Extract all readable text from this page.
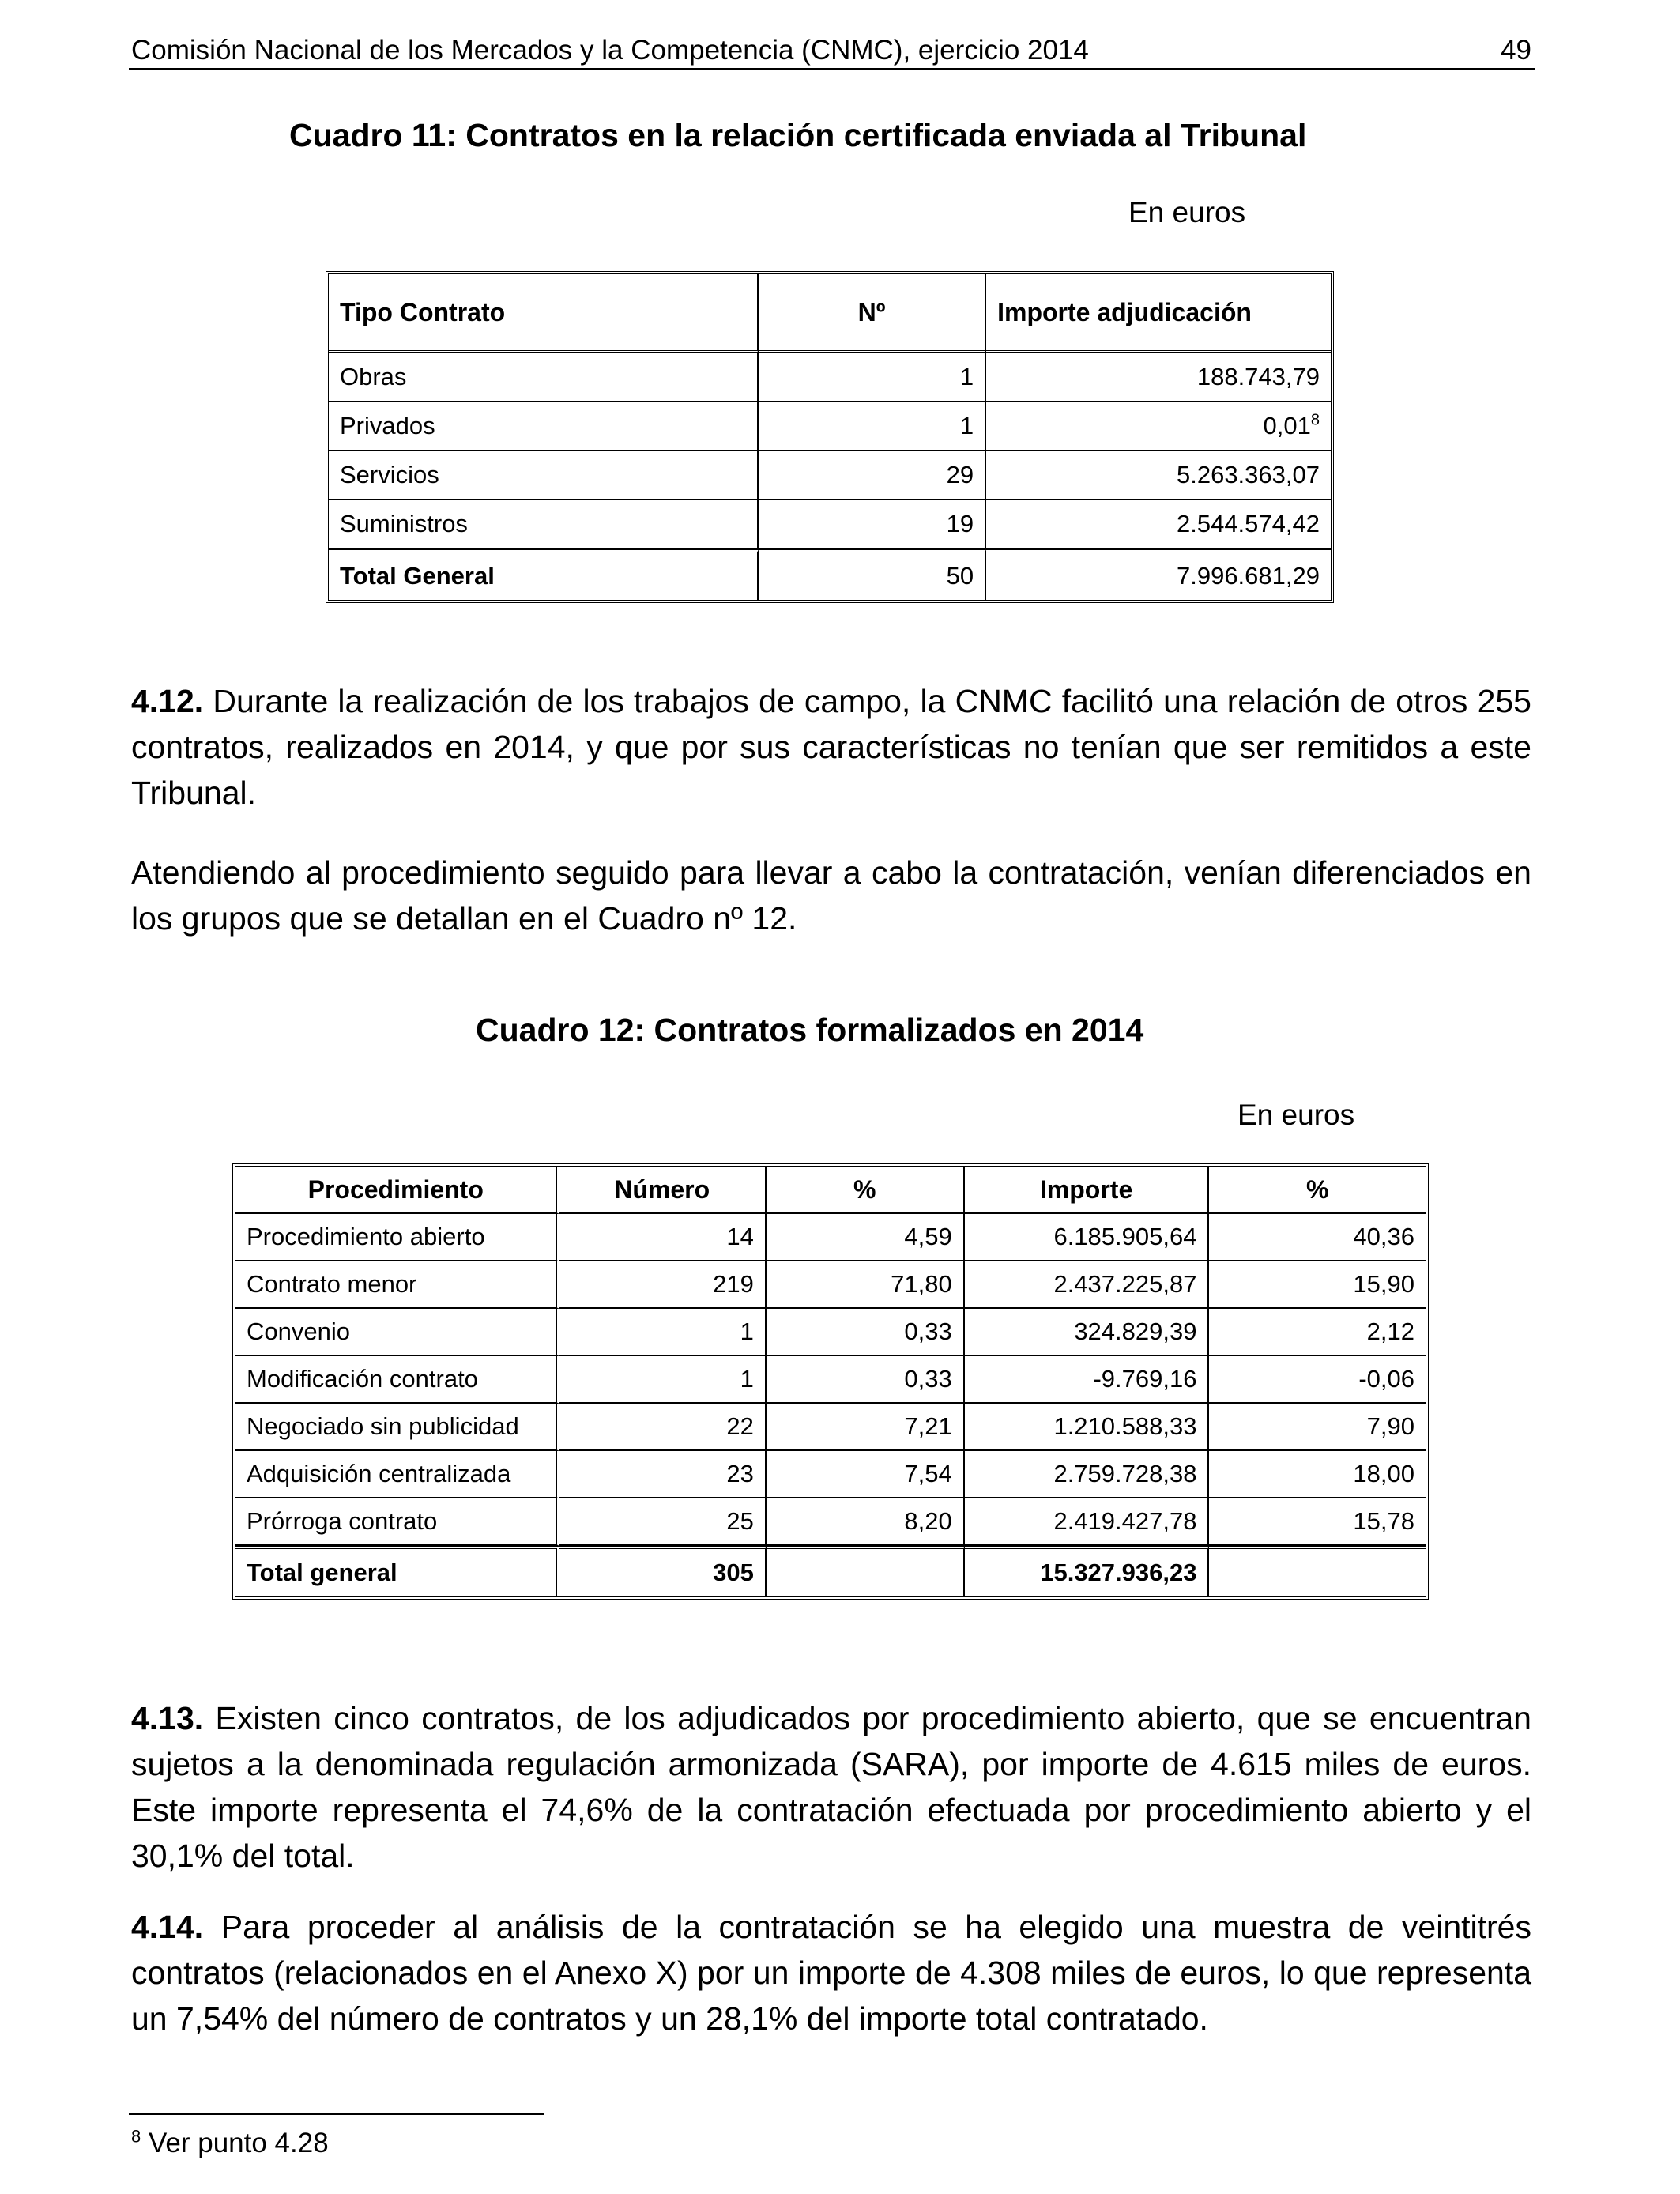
Comisión Nacional de los Mercados y la Competencia (CNMC), ejercicio 2014	49
Cuadro 11: Contratos en la relación certificada enviada al Tribunal
En euros
Tipo Contrato	Nº	Importe adjudicación
Obras	1	188.743,79
Privados	1	0,01$^8$
Servicios	29	5.263.363,07
Suministros	19	2.544.574,42
Total General	50	7.996.681,29
4.12. Durante la realización de los trabajos de campo, la CNMC facilitó una relación de otros 255 contratos, realizados en 2014, y que por sus características no tenían que ser remitidos a este Tribunal.
Atendiendo al procedimiento seguido para llevar a cabo la contratación, venían diferenciados en los grupos que se detallan en el Cuadro nº 12.
Cuadro 12: Contratos formalizados en 2014
En euros
Procedimiento	Número	%	Importe	%
Procedimiento abierto	14	4,59	6.185.905,64	40,36
Contrato menor	219	71,80	2.437.225,87	15,90
Convenio	1	0,33	324.829,39	2,12
Modificación contrato	1	0,33	-9.769,16	-0,06
Negociado sin publicidad	22	7,21	1.210.588,33	7,90
Adquisición centralizada	23	7,54	2.759.728,38	18,00
Prórroga contrato	25	8,20	2.419.427,78	15,78
Total general	305		15.327.936,23	
4.13. Existen cinco contratos, de los adjudicados por procedimiento abierto, que se encuentran sujetos a la denominada regulación armonizada (SARA), por importe de 4.615 miles de euros. Este importe representa el 74,6% de la contratación efectuada por procedimiento abierto y el 30,1% del total.
4.14. Para proceder al análisis de la contratación se ha elegido una muestra de veintitrés contratos (relacionados en el Anexo X) por un importe de 4.308 miles de euros, lo que representa un 7,54% del número de contratos y un 28,1% del importe total contratado.
$^8$ Ver punto 4.28
